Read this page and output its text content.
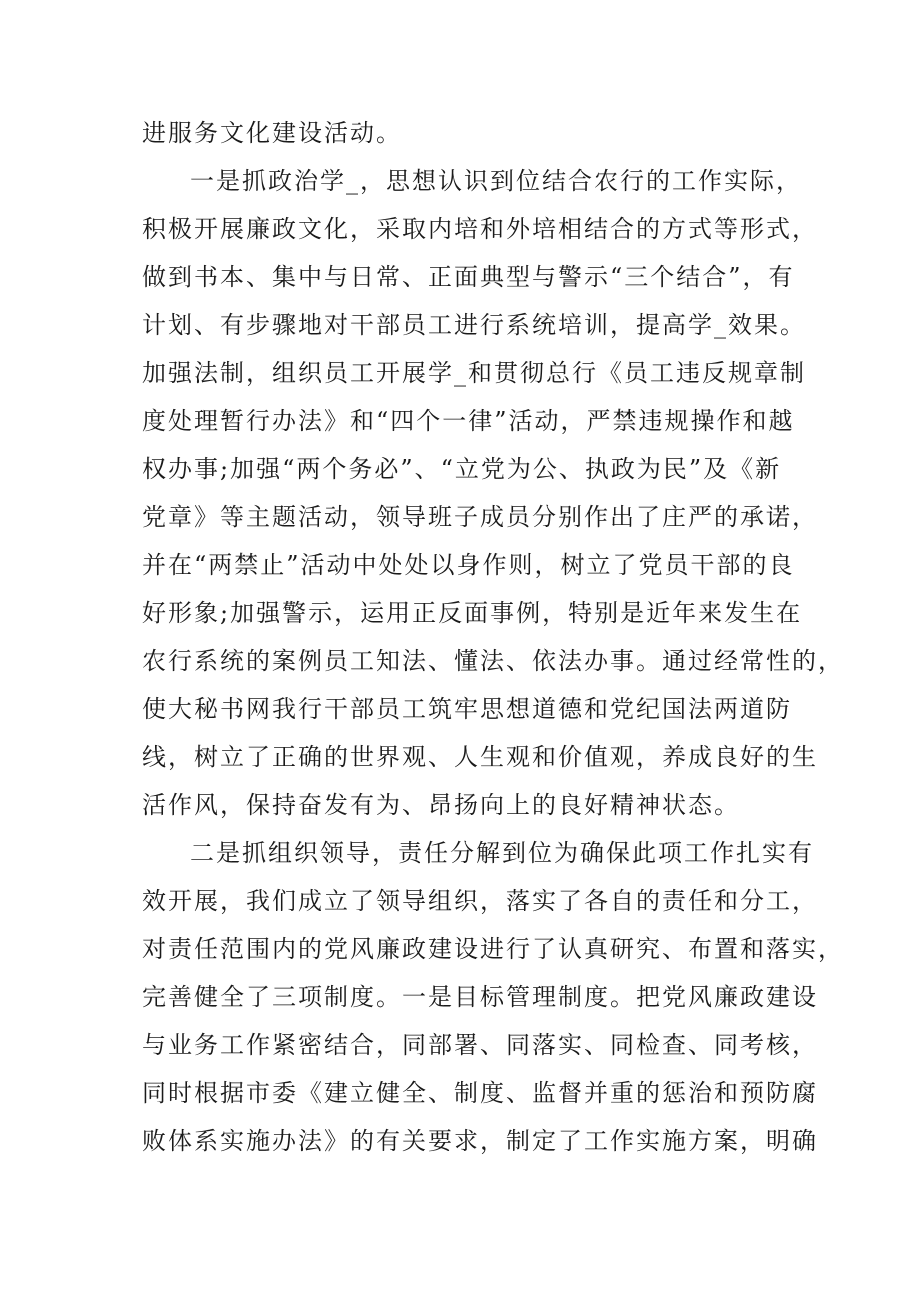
进服务文化建设活动。
一是抓政治学_，思想认识到位结合农行的工作实际，
积极开展廉政文化，采取内培和外培相结合的方式等形式，
做到书本、集中与日常、正面典型与警示“三个结合”，有
计划、有步骤地对干部员工进行系统培训，提高学_效果。
加强法制，组织员工开展学_和贯彻总行《员工违反规章制
度处理暂行办法》和“四个一律”活动，严禁违规操作和越
权办事;加强“两个务必”、“立党为公、执政为民”及《新
党章》等主题活动，领导班子成员分别作出了庄严的承诺，
并在“两禁止”活动中处处以身作则，树立了党员干部的良
好形象;加强警示，运用正反面事例，特别是近年来发生在
农行系统的案例员工知法、懂法、依法办事。通过经常性的，
使大秘书网我行干部员工筑牢思想道德和党纪国法两道防
线，树立了正确的世界观、人生观和价值观，养成良好的生
活作风，保持奋发有为、昂扬向上的良好精神状态。
二是抓组织领导，责任分解到位为确保此项工作扎实有
效开展，我们成立了领导组织，落实了各自的责任和分工，
对责任范围内的党风廉政建设进行了认真研究、布置和落实，
完善健全了三项制度。一是目标管理制度。把党风廉政建设
与业务工作紧密结合，同部署、同落实、同检查、同考核，
同时根据市委《建立健全、制度、监督并重的惩治和预防腐
败体系实施办法》的有关要求，制定了工作实施方案，明确
